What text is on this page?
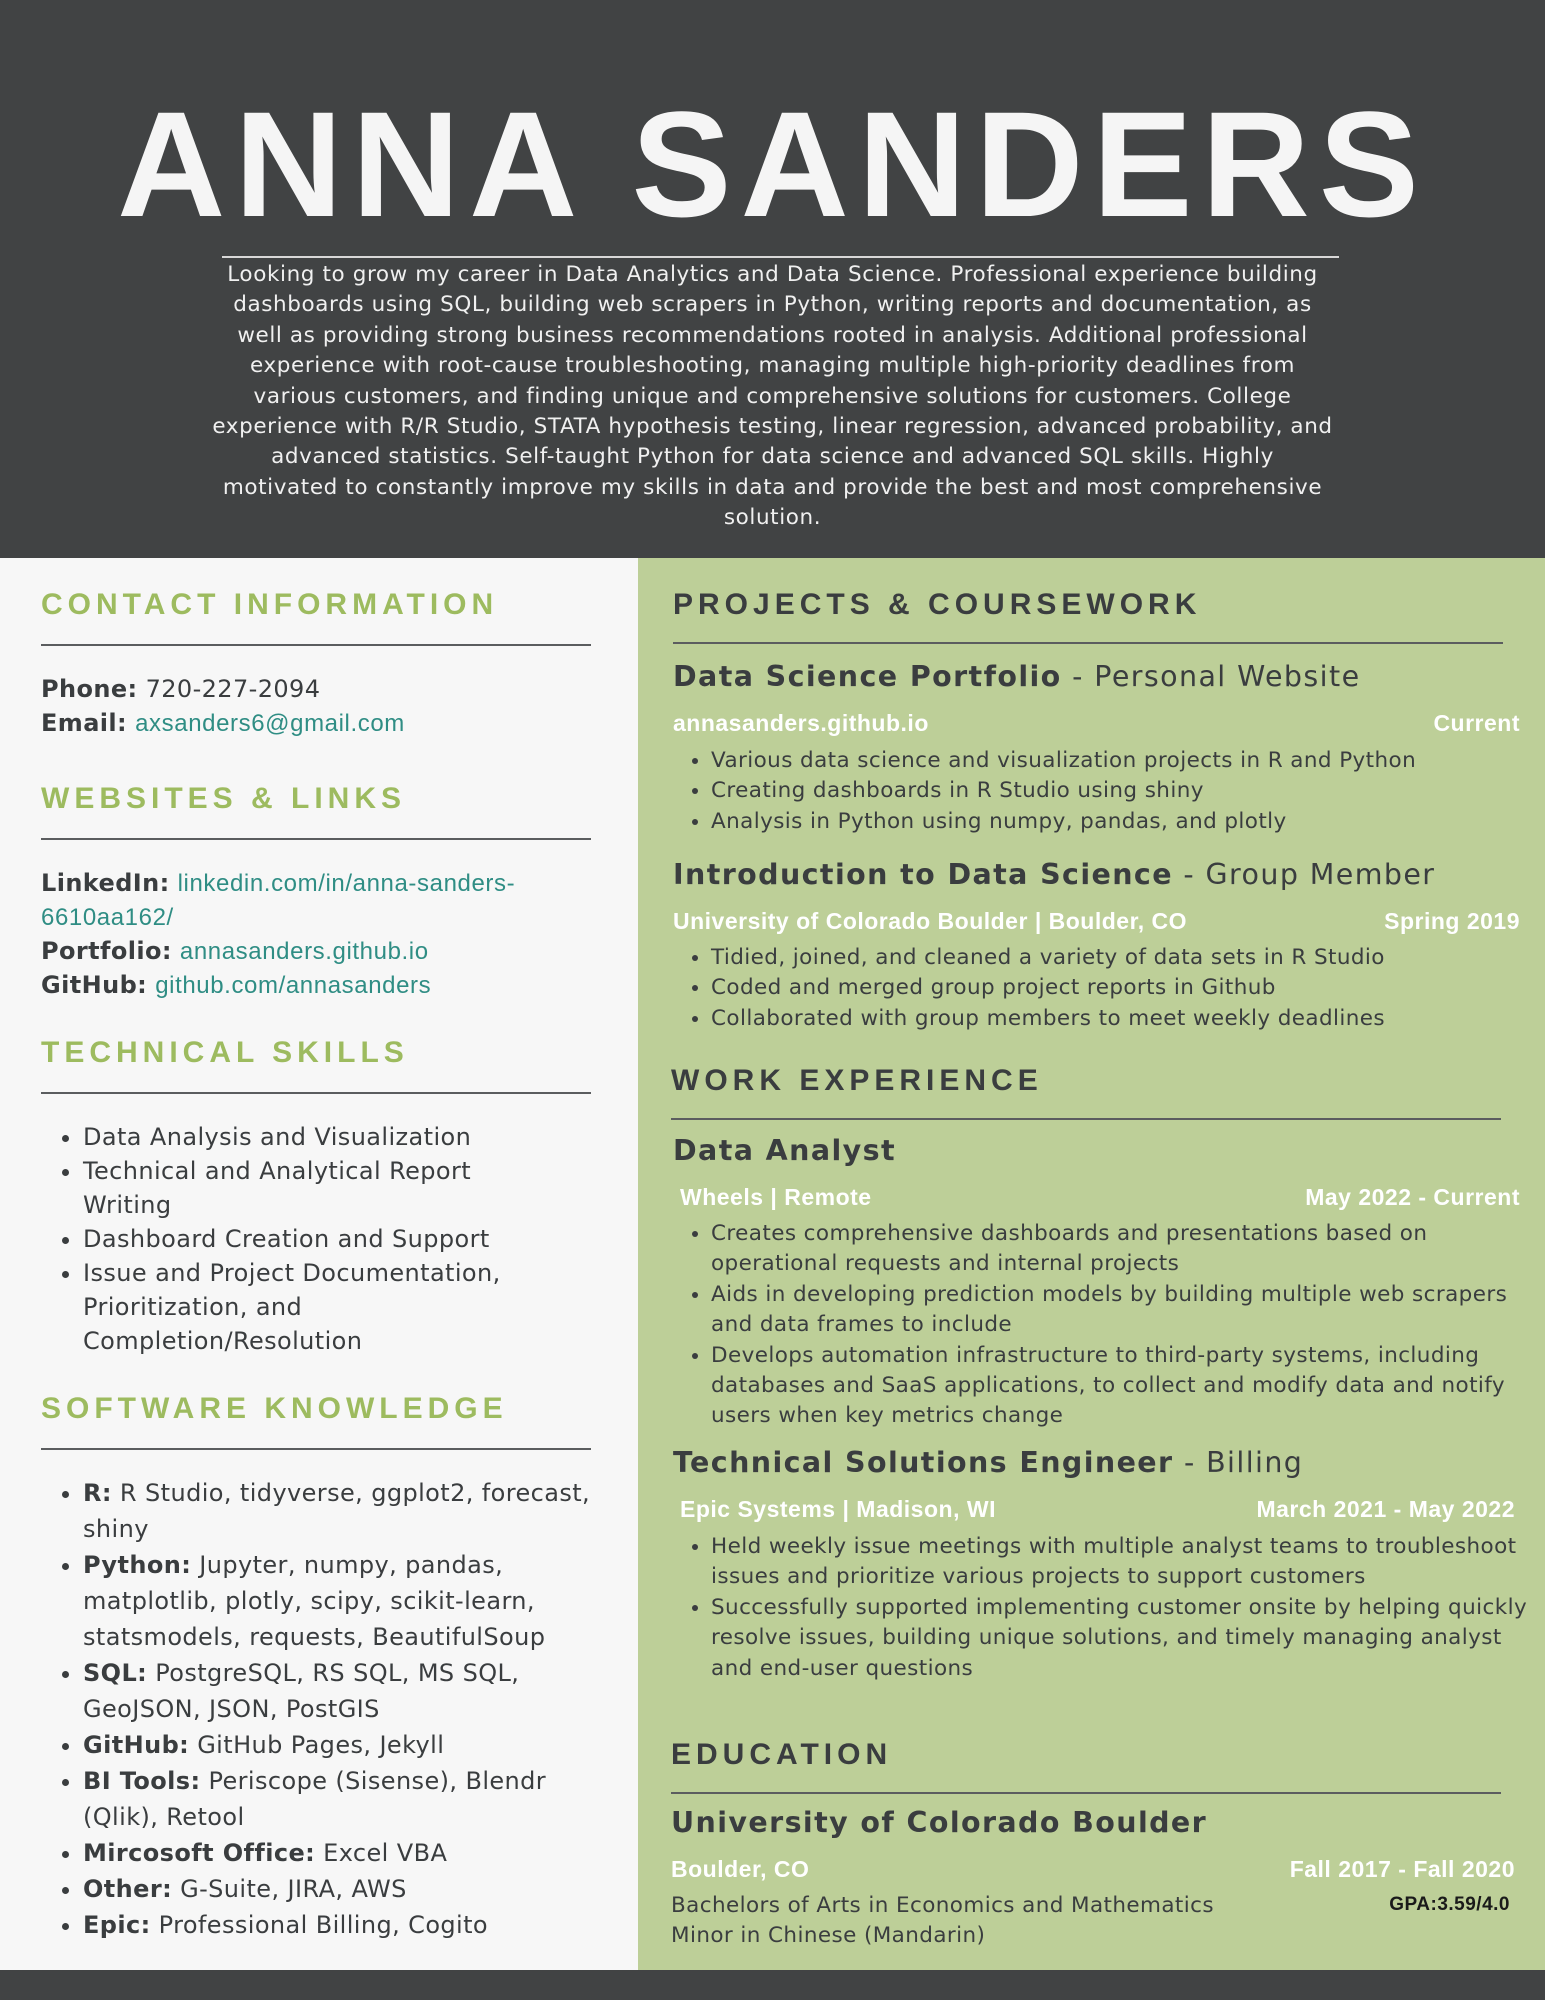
ANNA SANDERS
Looking to grow my career in Data Analytics and Data Science. Professional experience building dashboards using SQL, building web scrapers in Python, writing reports and documentation, as well as providing strong business recommendations rooted in analysis. Additional professional experience with root-cause troubleshooting, managing multiple high-priority deadlines from various customers, and finding unique and comprehensive solutions for customers. College experience with R/R Studio, STATA hypothesis testing, linear regression, advanced probability, and advanced statistics. Self-taught Python for data science and advanced SQL skills. Highly motivated to constantly improve my skills in data and provide the best and most comprehensive solution.
CONTACT INFORMATION
Phone: 720-227-2094
Email: axsanders6@gmail.com
WEBSITES & LINKS
LinkedIn: linkedin.com/in/anna-sanders-
6610aa162/
Portfolio: annasanders.github.io
GitHub: github.com/annasanders
TECHNICAL SKILLS
• Data Analysis and Visualization
• Technical and Analytical Report Writing
• Dashboard Creation and Support
• Issue and Project Documentation, Prioritization, and Completion/Resolution
SOFTWARE KNOWLEDGE
• R: R Studio, tidyverse, ggplot2, forecast, shiny
• Python: Jupyter, numpy, pandas, matplotlib, plotly, scipy, scikit-learn, statsmodels, requests, BeautifulSoup
• SQL: PostgreSQL, RS SQL, MS SQL, GeoJSON, JSON, PostGIS
• GitHub: GitHub Pages, Jekyll
• BI Tools: Periscope (Sisense), Blendr (Qlik), Retool
• Mircosoft Office: Excel VBA
• Other: G-Suite, JIRA, AWS
• Epic: Professional Billing, Cogito
PROJECTS & COURSEWORK
Data Science Portfolio - Personal Website
annasanders.github.io	Current
• Various data science and visualization projects in R and Python
• Creating dashboards in R Studio using shiny
• Analysis in Python using numpy, pandas, and plotly
Introduction to Data Science - Group Member
University of Colorado Boulder | Boulder, CO	Spring 2019
• Tidied, joined, and cleaned a variety of data sets in R Studio
• Coded and merged group project reports in Github
• Collaborated with group members to meet weekly deadlines
WORK EXPERIENCE
Data Analyst
Wheels | Remote	May 2022 - Current
• Creates comprehensive dashboards and presentations based on operational requests and internal projects
• Aids in developing prediction models by building multiple web scrapers and data frames to include
• Develops automation infrastructure to third-party systems, including databases and SaaS applications, to collect and modify data and notify users when key metrics change
Technical Solutions Engineer - Billing
Epic Systems | Madison, WI	March 2021 - May 2022
• Held weekly issue meetings with multiple analyst teams to troubleshoot issues and prioritize various projects to support customers
• Successfully supported implementing customer onsite by helping quickly resolve issues, building unique solutions, and timely managing analyst and end-user questions
EDUCATION
University of Colorado Boulder
Boulder, CO	Fall 2017 - Fall 2020
Bachelors of Arts in Economics and Mathematics
Minor in Chinese (Mandarin)
GPA:3.59/4.0
